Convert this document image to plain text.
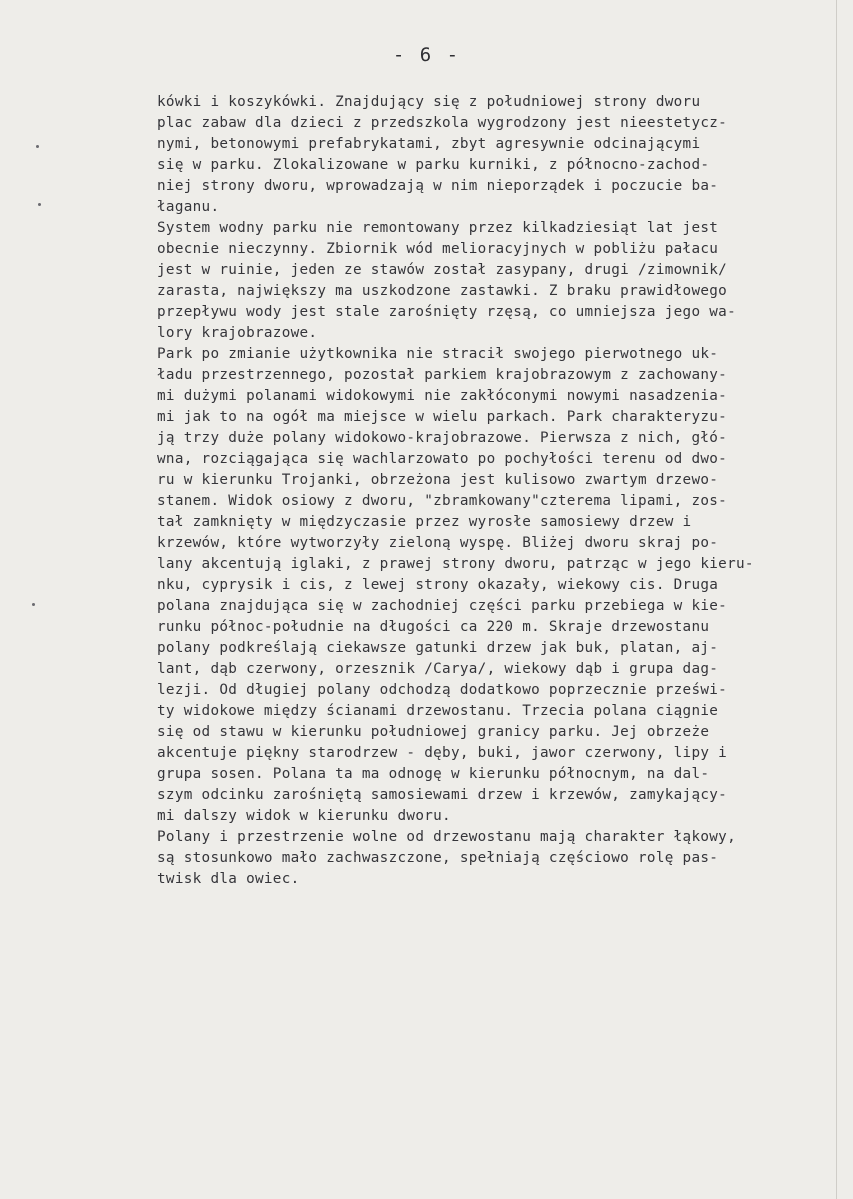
- 6 -
kówki i koszykówki. Znajdujący się z południowej strony dworu
plac zabaw dla dzieci z przedszkola wygrodzony jest nieestetycz-
nymi, betonowymi prefabrykatami, zbyt agresywnie odcinającymi
się w parku. Zlokalizowane w parku kurniki, z północno-zachod-
niej strony dworu, wprowadzają w nim nieporządek i poczucie ba-
łaganu.
System wodny parku nie remontowany przez kilkadziesiąt lat jest
obecnie nieczynny. Zbiornik wód melioracyjnych w pobliżu pałacu
jest w ruinie, jeden ze stawów został zasypany, drugi /zimownik/
zarasta, największy ma uszkodzone zastawki. Z braku prawidłowego
przepływu wody jest stale zarośnięty rzęsą, co umniejsza jego wa-
lory krajobrazowe.
Park po zmianie użytkownika nie stracił swojego pierwotnego uk-
ładu przestrzennego, pozostał parkiem krajobrazowym z zachowany-
mi dużymi polanami widokowymi nie zakłóconymi nowymi nasadzenia-
mi jak to na ogół ma miejsce w wielu parkach. Park charakteryzu-
ją trzy duże polany widokowo-krajobrazowe. Pierwsza z nich, głó-
wna, rozciągająca się wachlarzowato po pochyłości terenu od dwo-
ru w kierunku Trojanki, obrzeżona jest kulisowo zwartym drzewo-
stanem. Widok osiowy z dworu, "zbramkowany"czterema lipami, zos-
tał zamknięty w międzyczasie przez wyrosłe samosiewy drzew i
krzewów, które wytworzyły zieloną wyspę. Bliżej dworu skraj po-
lany akcentują iglaki, z prawej strony dworu, patrząc w jego kieru-
nku, cyprysik i cis, z lewej strony okazały, wiekowy cis. Druga
polana znajdująca się w zachodniej części parku przebiega w kie-
runku północ-południe na długości ca 220 m. Skraje drzewostanu
polany podkreślają ciekawsze gatunki drzew jak buk, platan, aj-
lant, dąb czerwony, orzesznik /Carya/, wiekowy dąb i grupa dag-
lezji. Od długiej polany odchodzą dodatkowo poprzecznie prześwi-
ty widokowe między ścianami drzewostanu. Trzecia polana ciągnie
się od stawu w kierunku południowej granicy parku. Jej obrzeże
akcentuje piękny starodrzew - dęby, buki, jawor czerwony, lipy i
grupa sosen. Polana ta ma odnogę w kierunku północnym, na dal-
szym odcinku zarośniętą samosiewami drzew i krzewów, zamykający-
mi dalszy widok w kierunku dworu.
Polany i przestrzenie wolne od drzewostanu mają charakter łąkowy,
są stosunkowo mało zachwaszczone, spełniają częściowo rolę pas-
twisk dla owiec.
